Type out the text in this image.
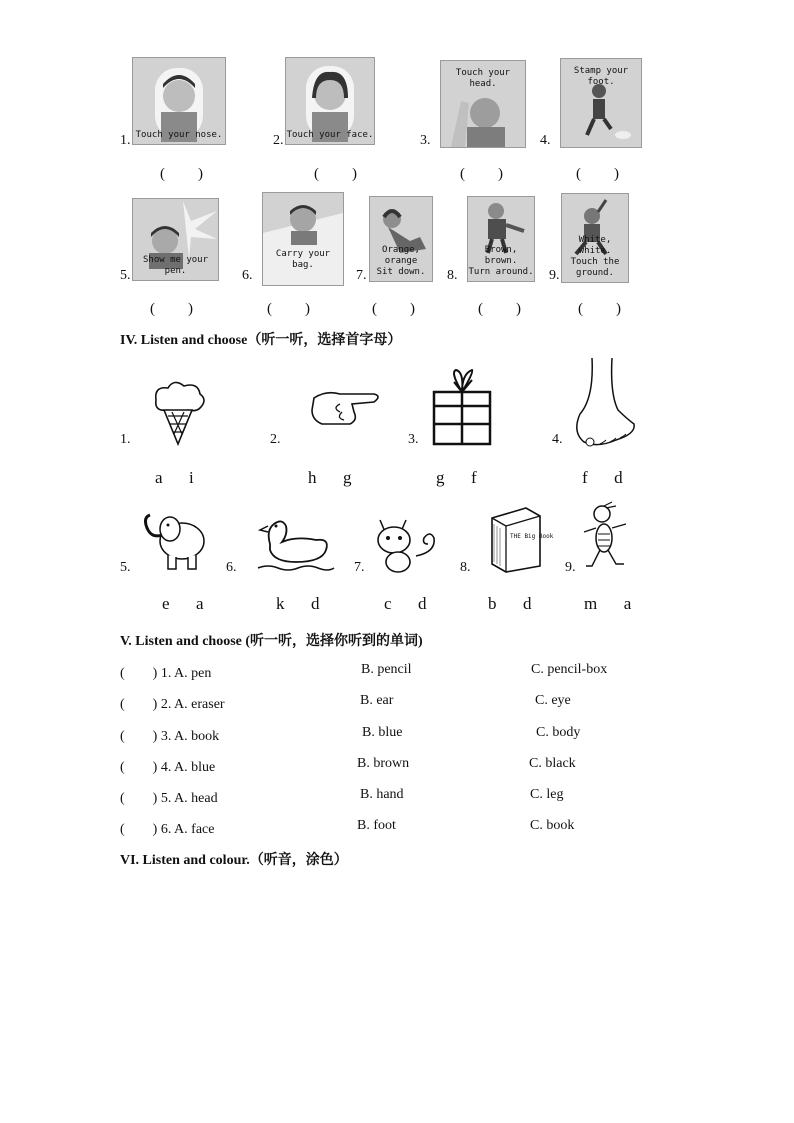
Touch your nose.
1.
(　　)
Touch your face.
2.
(　　)
Touch your head.
3.
(　　)
Stamp your foot.
4.
(　　)
Show me your pen.
5.
(　　)
Carry your bag.
6.
(　　)
Orange, orange
Sit down.
7.
(　　)
Brown, brown.
Turn around.
8.
(　　)
White, white.
Touch the ground.
9.
(　　)
IV. Listen and choose（听一听，选择首字母）
1.	2.	3.	4.
a i	h g	g f	f d
5.	6.	7.	8.
THE Big Book
9.
e a	k d	c d	b d	m a
V. Listen and choose (听一听，选择你听到的单词)
(　　) 1. A. pen	B. pencil	C. pencil-box
(　　) 2. A. eraser	B. ear	C. eye
(　　) 3. A. book	B. blue	C. body
(　　) 4. A. blue	B. brown	C. black
(　　) 5. A. head	B. hand	C. leg
(　　) 6. A. face	B. foot	C. book
VI. Listen and colour.（听音，涂色）
